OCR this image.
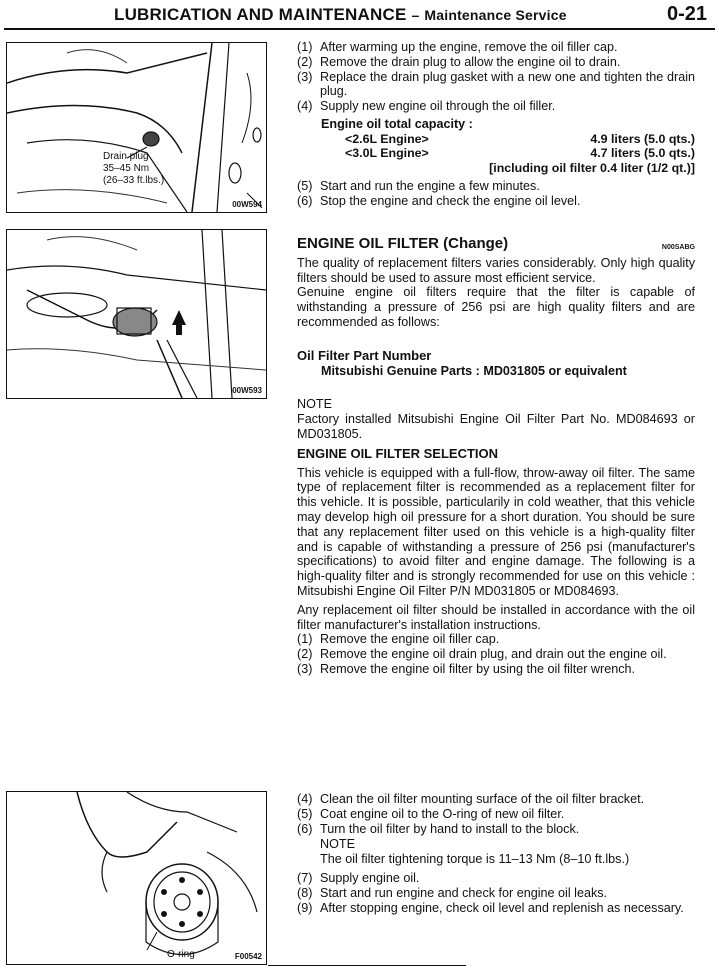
LUBRICATION AND MAINTENANCE – Maintenance Service	0-21
Drain plug
35–45 Nm
(26–33 ft.lbs.)
00W594
00W593
O-ring	F00542
(1) After warming up the engine, remove the oil filler cap.
(2) Remove the drain plug to allow the engine oil to drain.
(3) Replace the drain plug gasket with a new one and tighten the drain plug.
(4) Supply new engine oil through the oil filler.
Engine oil total capacity :
<2.6L Engine>	4.9 liters (5.0 qts.)
<3.0L Engine>	4.7 liters (5.0 qts.)
[including oil filter 0.4 liter (1/2 qt.)]
(5) Start and run the engine a few minutes.
(6) Stop the engine and check the engine oil level.
ENGINE OIL FILTER (Change)	N00SABG

The quality of replacement filters varies considerably. Only high quality filters should be used to assure most efficient service.

Genuine engine oil filters require that the filter is capable of withstanding a pressure of 256 psi are high quality filters and are recommended as follows:

Oil Filter Part Number
Mitsubishi Genuine Parts : MD031805 or equivalent
NOTE

Factory installed Mitsubishi Engine Oil Filter Part No. MD084693 or MD031805.

ENGINE OIL FILTER SELECTION

This vehicle is equipped with a full-flow, throw-away oil filter. The same type of replacement filter is recommended as a replacement filter for this vehicle. It is possible, particularily in cold weather, that this vehicle may develop high oil pressure for a short duration. You should be sure that any replacement filter used on this vehicle is a high-quality filter and is capable of withstanding a pressure of 256 psi (manufacturer's specifications) to avoid filter and engine damage. The following is a high-quality filter and is strongly recommended for use on this vehicle : Mitsubishi Engine Oil Filter P/N MD031805 or MD084693.

Any replacement oil filter should be installed in accordance with the oil filter manufacturer's installation instructions.

(1) Remove the engine oil filler cap.
(2) Remove the engine oil drain plug, and drain out the engine oil.
(3) Remove the engine oil filter by using the oil filter wrench.
(4) Clean the oil filter mounting surface of the oil filter bracket.
(5) Coat engine oil to the O-ring of new oil filter.
(6) Turn the oil filter by hand to install to the block.
NOTE
The oil filter tightening torque is 11–13 Nm (8–10 ft.lbs.)
(7) Supply engine oil.
(8) Start and run engine and check for engine oil leaks.
(9) After stopping engine, check oil level and replenish as necessary.
